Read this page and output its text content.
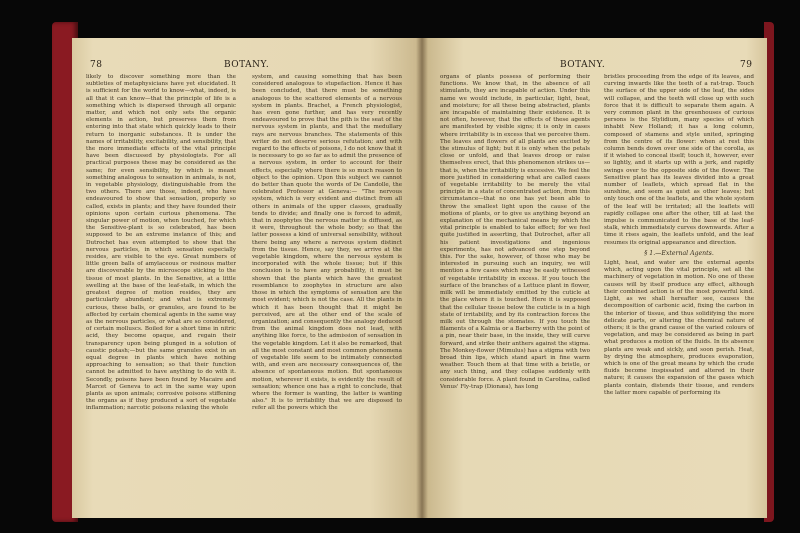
78	BOTANY.

likely to discover something more than the subtleties of metaphysicians have yet elucidated. It is sufficient for the world to know—what, indeed, is all that it can know—that the principle of life is a something which is dispersed through all organic matter, and which not only sets the organic elements in action, but preserves them from entering into that state which quickly leads to their return to inorganic substances. It is under the names of irritability, excitability, and sensibility, that the more immediate effects of the vital principle have been discussed by physiologists. For all practical purposes these may be considered as the same; for even sensibility, by which is meant something analogous to sensation in animals, is not, in vegetable physiology, distinguishable from the two others. There are those, indeed, who have endeavoured to show that sensation, properly so called, exists in plants; and they have founded their opinions upon certain curious phenomena. The singular power of motion, when touched, for which the Sensitive-plant is so celebrated, has been supposed to be an extreme instance of this; and Dutrochet has even attempted to show that the nervous particles, in which sensation especially resides, are visible to the eye. Great numbers of little green balls of amylaceous or resinous matter are discoverable by the microscope sticking to the tissue of most plants. In the Sensitive, at a little swelling at the base of the leaf-stalk, in which the greatest degree of motion resides, they are particularly abundant; and what is extremely curious, these balls, or granules, are found to be affected by certain chemical agents in the same way as the nervous particles, or what are so considered, of certain molluscs. Boiled for a short time in nitric acid, they become opaque, and regain their transparency upon being plunged in a solution of caustic potash;—but the same granules exist in an equal degree in plants which have nothing approaching to sensation; so that their function cannot be admitted to have anything to do with it. Secondly, poisons have been found by Macaire and Marcet of Geneva to act in the same way upon plants as upon animals; corrosive poisons stiffening the organs as if they produced a sort of vegetable inflammation; narcotic poisons relaxing the whole

system, and causing something that has been considered analogous to stupefaction. Hence it has been concluded, that there must be something analogous to the scattered elements of a nervous system in plants. Brachet, a French physiologist, has even gone further, and has very recently endeavoured to prove that the pith is the seat of the nervous system in plants, and that the medullary rays are nervous branches. The statements of this writer do not deserve serious refutation; and with regard to the effects of poisons, I do not know that it is necessary to go so far as to admit the presence of a nervous system, in order to account for their effects, especially where there is so much reason to object to the opinion. Upon this subject we cannot do better than quote the words of De Candolle, the celebrated Professor at Geneva:— "The nervous system, which is very evident and distinct from all others in animals of the upper classes, gradually tends to divide; and finally one is forced to admit, that in zoophytes the nervous matter is diffused, as it were, throughout the whole body; so that the latter possess a kind of universal sensibility, without there being any where a nervous system distinct from the tissue. Hence, say they, we arrive at the vegetable kingdom, where the nervous system is incorporated with the whole tissue; but if this conclusion is to have any probability, it must be shown that the plants which have the greatest resemblance to zoophytes in structure are also those in which the symptoms of sensation are the most evident; which is not the case. All the plants in which it has been thought that it might be perceived, are at the other end of the scale of organization; and consequently the analogy deduced from the animal kingdom does not lead, with anything like force, to the admission of sensation in the vegetable kingdom. Let it also be remarked, that all the most constant and most common phenomena of vegetable life seem to be intimately connected with, and even are necessary consequences of, the absence of spontaneous motion. But spontaneous motion, wherever it exists, is evidently the result of sensation; whence one has a right to conclude, that where the former is wanting, the latter is wanting also." It is to irritability that we are disposed to refer all the powers which the

BOTANY.	79

organs of plants possess of performing their functions. We know that, in the absence of all stimulants, they are incapable of action. Under this name we would include, in particular, light, heat, and moisture; for all these being abstracted, plants are incapable of maintaining their existence. It is not often, however, that the effects of these agents are manifested by visible signs; it is only in cases where irritability is in excess that we perceive them. The leaves and flowers of all plants are excited by the stimulus of light; but it is only when the petals close or unfold, and that leaves droop or raise themselves erect, that this phenomenon strikes us—that is, when the irritability is excessive. We feel the more justified in considering what are called cases of vegetable irritability to be merely the vital principle in a state of concentrated action, from this circumstance—that no one has yet been able to throw the smallest light upon the cause of the motions of plants, or to give us anything beyond an explanation of the mechanical means by which the vital principle is enabled to take effect; for we feel quite justified in asserting, that Dutrochet, after all his patient investigations and ingenious experiments, has not advanced one step beyond this. For the sake, however, of those who may be interested in pursuing such an inquiry, we will mention a few cases which may be easily witnessed of vegetable irritability in excess. If you touch the surface of the branches of a Lettuce plant in flower, milk will be immediately emitted by the cuticle at the place where it is touched. Here it is supposed that the cellular tissue below the cuticle is in a high state of irritability, and by its contraction forces the milk out through the stomates. If you touch the filaments of a Kalmia or a Barberry with the point of a pin, near their base, in the inside, they will curve forward, and strike their anthers against the stigma. The Monkey-flower (Mimulus) has a stigma with two broad thin lips, which stand apart in fine warm weather. Touch them at that time with a bristle, or any such thing, and they collapse suddenly with considerable force. A plant found in Carolina, called Venus' Fly-trap (Dionæa), has long

bristles proceeding from the edge of its leaves, and curving inwards like the teeth of a rat-trap. Touch the surface of the upper side of the leaf, the sides will collapse, and the teeth will close up with such force that it is difficult to separate them again. A very common plant in the greenhouses of curious persons is the Stylidium, many species of which inhabit New Holland; it has a long column, composed of stamens and style united, springing from the centre of its flower: when at rest this column bends down over one side of the corolla, as if it wished to conceal itself; touch it, however, ever so lightly, and it starts up with a jerk, and rapidly swings over to the opposite side of the flower. The Sensitive plant has its leaves divided into a great number of leaflets, which spread flat in the sunshine, and seem as quiet as other leaves; but only touch one of the leaflets, and the whole system of the leaf will be irritated; all the leaflets will rapidly collapse one after the other, till at last the impulse is communicated to the base of the leaf-stalk, which immediately curves downwards. After a time it rises again, the leaflets unfold, and the leaf resumes its original appearance and direction.

§ 1.—External Agents.

Light, heat, and water are the external agents which, acting upon the vital principle, set all the machinery of vegetation in motion. No one of these causes will by itself produce any effect, although their combined action is of the most powerful kind. Light, as we shall hereafter see, causes the decomposition of carbonic acid, fixing the carbon in the interior of tissue, and thus solidifying the more delicate parts, or altering the chemical nature of others; it is the grand cause of the varied colours of vegetation, and may be considered as being in part what produces a motion of the fluids. In its absence plants are weak and sickly, and soon perish. Heat, by drying the atmosphere, produces evaporation, which is one of the great means by which the crude fluids become inspissated and altered in their nature; it causes the expansion of the gases which plants contain, distends their tissue, and renders the latter more capable of performing its
